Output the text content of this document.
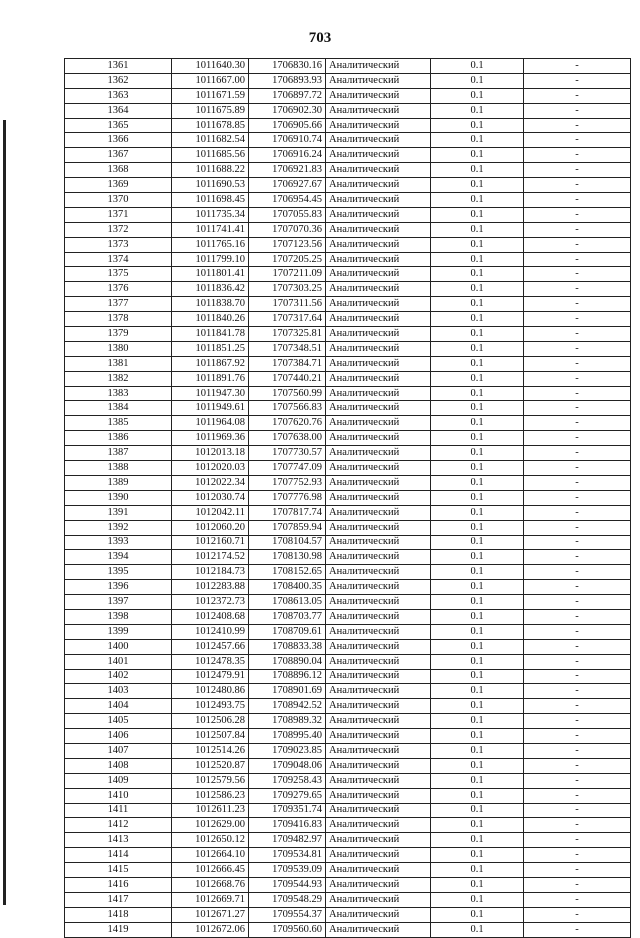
703
1361	1011640.30	1706830.16	Аналитический	0.1	-
1362	1011667.00	1706893.93	Аналитический	0.1	-
1363	1011671.59	1706897.72	Аналитический	0.1	-
1364	1011675.89	1706902.30	Аналитический	0.1	-
1365	1011678.85	1706905.66	Аналитический	0.1	-
1366	1011682.54	1706910.74	Аналитический	0.1	-
1367	1011685.56	1706916.24	Аналитический	0.1	-
1368	1011688.22	1706921.83	Аналитический	0.1	-
1369	1011690.53	1706927.67	Аналитический	0.1	-
1370	1011698.45	1706954.45	Аналитический	0.1	-
1371	1011735.34	1707055.83	Аналитический	0.1	-
1372	1011741.41	1707070.36	Аналитический	0.1	-
1373	1011765.16	1707123.56	Аналитический	0.1	-
1374	1011799.10	1707205.25	Аналитический	0.1	-
1375	1011801.41	1707211.09	Аналитический	0.1	-
1376	1011836.42	1707303.25	Аналитический	0.1	-
1377	1011838.70	1707311.56	Аналитический	0.1	-
1378	1011840.26	1707317.64	Аналитический	0.1	-
1379	1011841.78	1707325.81	Аналитический	0.1	-
1380	1011851.25	1707348.51	Аналитический	0.1	-
1381	1011867.92	1707384.71	Аналитический	0.1	-
1382	1011891.76	1707440.21	Аналитический	0.1	-
1383	1011947.30	1707560.99	Аналитический	0.1	-
1384	1011949.61	1707566.83	Аналитический	0.1	-
1385	1011964.08	1707620.76	Аналитический	0.1	-
1386	1011969.36	1707638.00	Аналитический	0.1	-
1387	1012013.18	1707730.57	Аналитический	0.1	-
1388	1012020.03	1707747.09	Аналитический	0.1	-
1389	1012022.34	1707752.93	Аналитический	0.1	-
1390	1012030.74	1707776.98	Аналитический	0.1	-
1391	1012042.11	1707817.74	Аналитический	0.1	-
1392	1012060.20	1707859.94	Аналитический	0.1	-
1393	1012160.71	1708104.57	Аналитический	0.1	-
1394	1012174.52	1708130.98	Аналитический	0.1	-
1395	1012184.73	1708152.65	Аналитический	0.1	-
1396	1012283.88	1708400.35	Аналитический	0.1	-
1397	1012372.73	1708613.05	Аналитический	0.1	-
1398	1012408.68	1708703.77	Аналитический	0.1	-
1399	1012410.99	1708709.61	Аналитический	0.1	-
1400	1012457.66	1708833.38	Аналитический	0.1	-
1401	1012478.35	1708890.04	Аналитический	0.1	-
1402	1012479.91	1708896.12	Аналитический	0.1	-
1403	1012480.86	1708901.69	Аналитический	0.1	-
1404	1012493.75	1708942.52	Аналитический	0.1	-
1405	1012506.28	1708989.32	Аналитический	0.1	-
1406	1012507.84	1708995.40	Аналитический	0.1	-
1407	1012514.26	1709023.85	Аналитический	0.1	-
1408	1012520.87	1709048.06	Аналитический	0.1	-
1409	1012579.56	1709258.43	Аналитический	0.1	-
1410	1012586.23	1709279.65	Аналитический	0.1	-
1411	1012611.23	1709351.74	Аналитический	0.1	-
1412	1012629.00	1709416.83	Аналитический	0.1	-
1413	1012650.12	1709482.97	Аналитический	0.1	-
1414	1012664.10	1709534.81	Аналитический	0.1	-
1415	1012666.45	1709539.09	Аналитический	0.1	-
1416	1012668.76	1709544.93	Аналитический	0.1	-
1417	1012669.71	1709548.29	Аналитический	0.1	-
1418	1012671.27	1709554.37	Аналитический	0.1	-
1419	1012672.06	1709560.60	Аналитический	0.1	-
